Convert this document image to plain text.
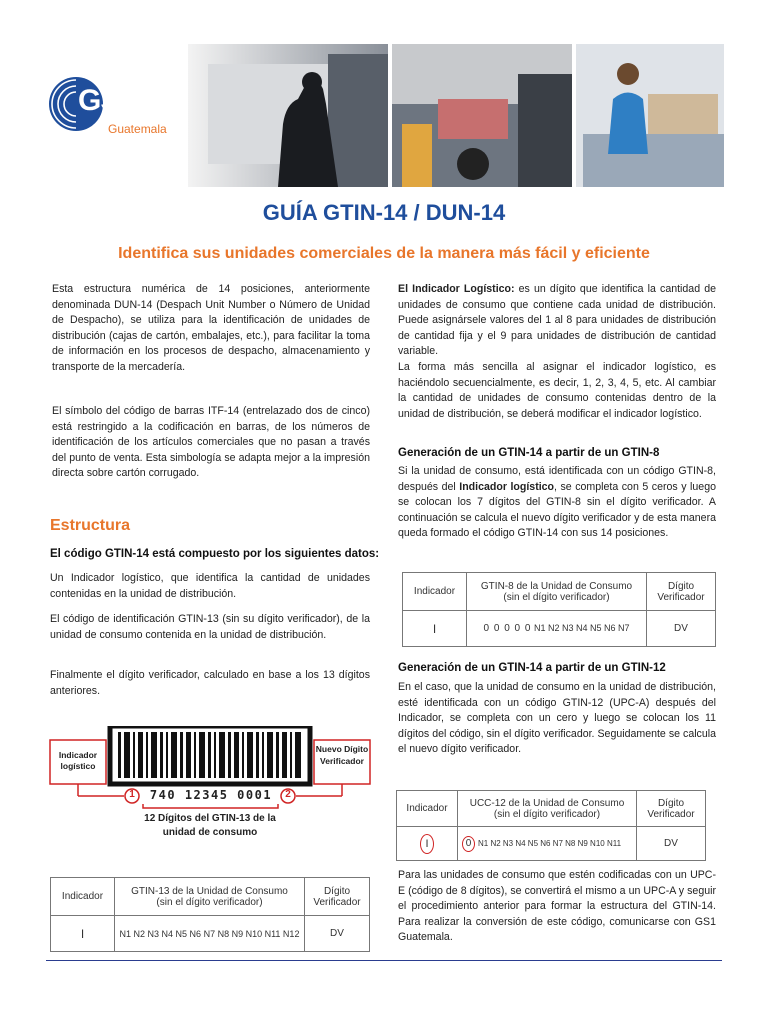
GS1
Guatemala
GUÍA GTIN-14 / DUN-14
Identifica sus unidades comerciales de la manera más fácil y eficiente

Esta estructura numérica de 14 posiciones, anteriormente denominada DUN-14 (Despach Unit Number o Número de Unidad de Despacho), se utiliza para la identificación de unidades de distribución (cajas de cartón, embalajes, etc.), para facilitar la toma de información en los procesos de despacho, almacenamiento y transporte de la mercadería.

El símbolo del código de barras ITF-14 (entrelazado dos de cinco) está restringido a la codificación en barras, de los números de identificación de los artículos comerciales que no pasan a través del punto de venta. Esta simbología se adapta mejor a la impresión directa sobre cartón corrugado.

Estructura
El código GTIN-14 está compuesto por los siguientes datos:

Un Indicador logístico, que identifica la cantidad de unidades contenidas en la unidad de distribución.

El código de identificación GTIN-13 (sin su dígito verificador), de la unidad de consumo contenida en la unidad de distribución.

Finalmente el dígito verificador, calculado en base a los 13 dígitos anteriores.

Indicador logístico
Nuevo Dígito Verificador
740 12345 0001
1	2
12 Dígitos del GTIN-13 de la unidad de consumo
Indicador	GTIN-13 de la Unidad de Consumo
(sin el dígito verificador)	Dígito
Verificador
I	N1 N2 N3 N4 N5 N6 N7 N8 N9 N10 N11 N12	DV

El Indicador Logístico: es un dígito que identifica la cantidad de unidades de consumo que contiene cada unidad de distribución. Puede asignársele valores del 1 al 8 para unidades de distribución de cantidad fija y el 9 para unidades de distribución de cantidad variable.

La forma más sencilla al asignar el indicador logístico, es haciéndolo secuencialmente, es decir, 1, 2, 3, 4, 5, etc. Al cambiar la cantidad de unidades de consumo contenidas dentro de la unidad de distribución, se deberá modificar el indicador logístico.

Generación de un GTIN-14 a partir de un GTIN-8

Si la unidad de consumo, está identificada con un código GTIN-8, después del Indicador logístico, se completa con 5 ceros y luego se colocan los 7 dígitos del GTIN-8 sin el dígito verificador. A continuación se calcula el nuevo dígito verificador y de esta manera queda formado el código GTIN-14 con sus 14 posiciones.

Indicador	GTIN-8 de la Unidad de Consumo
(sin el dígito verificador)	Dígito
Verificador
I	0 0 0 0 0 N1 N2 N3 N4 N5 N6 N7	DV
Generación de un GTIN-14 a partir de un GTIN-12

En el caso, que la unidad de consumo en la unidad de distribución, esté identificada con un código GTIN-12 (UPC-A) después del Indicador, se completa con un cero y luego se colocan los 11 dígitos del código, sin el dígito verificador. Seguidamente se calcula el nuevo dígito verificador.

Indicador	UCC-12 de la Unidad de Consumo
(sin el dígito verificador)	Dígito
Verificador
I	0 N1 N2 N3 N4 N5 N6 N7 N8 N9 N10 N11	DV

Para las unidades de consumo que estén codificadas con un UPC-E (código de 8 dígitos), se convertirá el mismo a un UPC-A y seguir el procedimiento anterior para formar la estructura del GTIN-14. Para realizar la conversión de este código, comunicarse con GS1 Guatemala.
